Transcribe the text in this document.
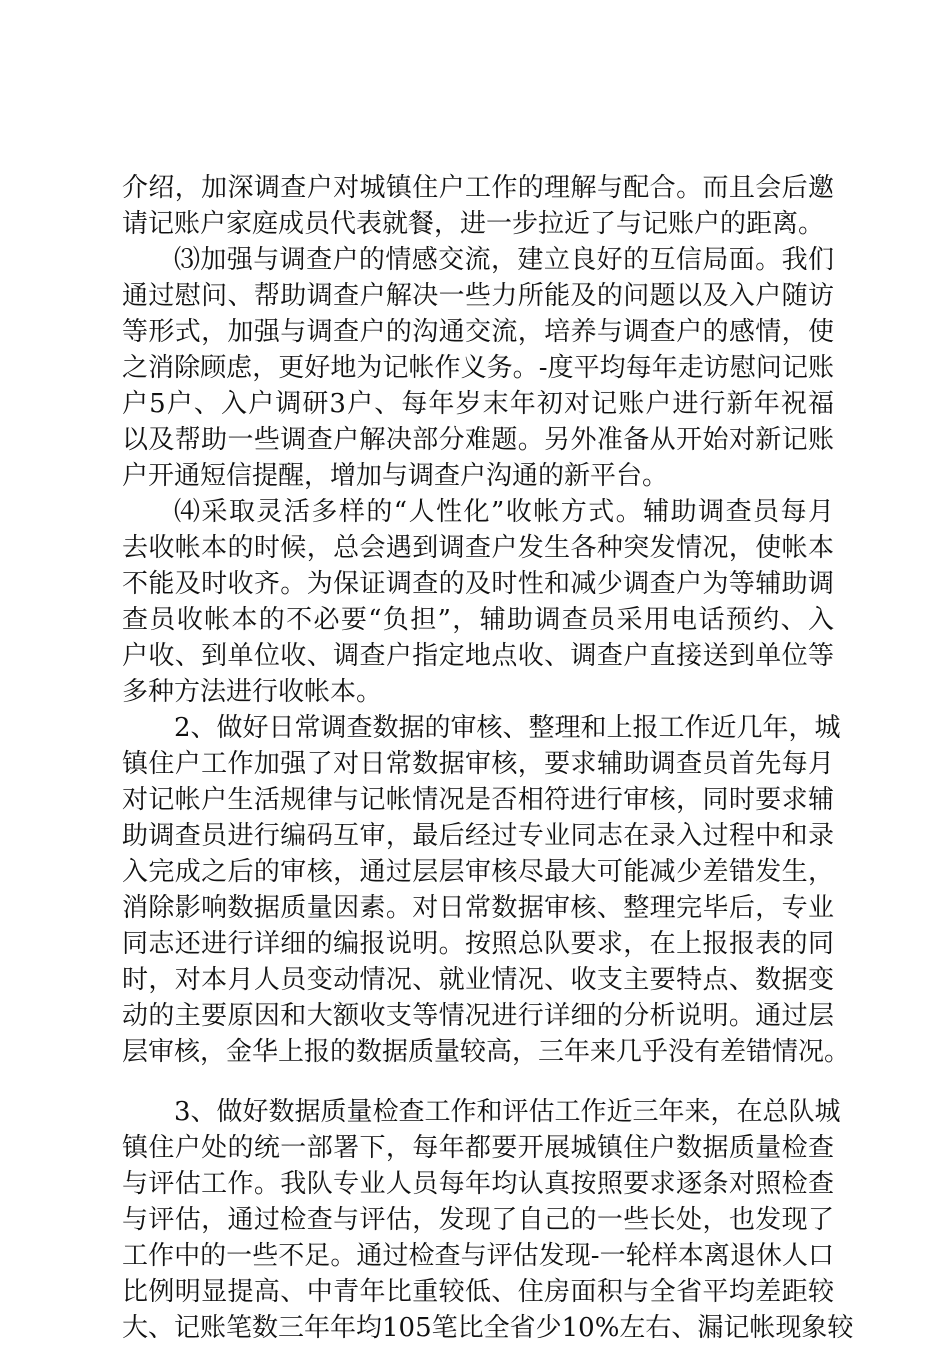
介绍，加深调查户对城镇住户工作的理解与配合。而且会后邀
请记账户家庭成员代表就餐，进一步拉近了与记账户的距离。
⑶加强与调查户的情感交流，建立良好的互信局面。我们
通过慰问、帮助调查户解决一些力所能及的问题以及入户随访
等形式，加强与调查户的沟通交流，培养与调查户的感情，使
之消除顾虑，更好地为记帐作义务。-度平均每年走访慰问记账
户5户、入户调研3户、每年岁末年初对记账户进行新年祝福
以及帮助一些调查户解决部分难题。另外准备从开始对新记账
户开通短信提醒，增加与调查户沟通的新平台。
⑷采取灵活多样的“人性化”收帐方式。辅助调查员每月
去收帐本的时候，总会遇到调查户发生各种突发情况，使帐本
不能及时收齐。为保证调查的及时性和减少调查户为等辅助调
查员收帐本的不必要“负担”，辅助调查员采用电话预约、入
户收、到单位收、调查户指定地点收、调查户直接送到单位等
多种方法进行收帐本。
2、做好日常调查数据的审核、整理和上报工作近几年，城
镇住户工作加强了对日常数据审核，要求辅助调查员首先每月
对记帐户生活规律与记帐情况是否相符进行审核，同时要求辅
助调查员进行编码互审，最后经过专业同志在录入过程中和录
入完成之后的审核，通过层层审核尽最大可能减少差错发生，
消除影响数据质量因素。对日常数据审核、整理完毕后，专业
同志还进行详细的编报说明。按照总队要求，在上报报表的同
时，对本月人员变动情况、就业情况、收支主要特点、数据变
动的主要原因和大额收支等情况进行详细的分析说明。通过层
层审核，金华上报的数据质量较高，三年来几乎没有差错情况。
3、做好数据质量检查工作和评估工作近三年来，在总队城
镇住户处的统一部署下，每年都要开展城镇住户数据质量检查
与评估工作。我队专业人员每年均认真按照要求逐条对照检查
与评估，通过检查与评估，发现了自己的一些长处，也发现了
工作中的一些不足。通过检查与评估发现-一轮样本离退休人口
比例明显提高、中青年比重较低、住房面积与全省平均差距较
大、记账笔数三年年均105笔比全省少10%左右、漏记帐现象较
